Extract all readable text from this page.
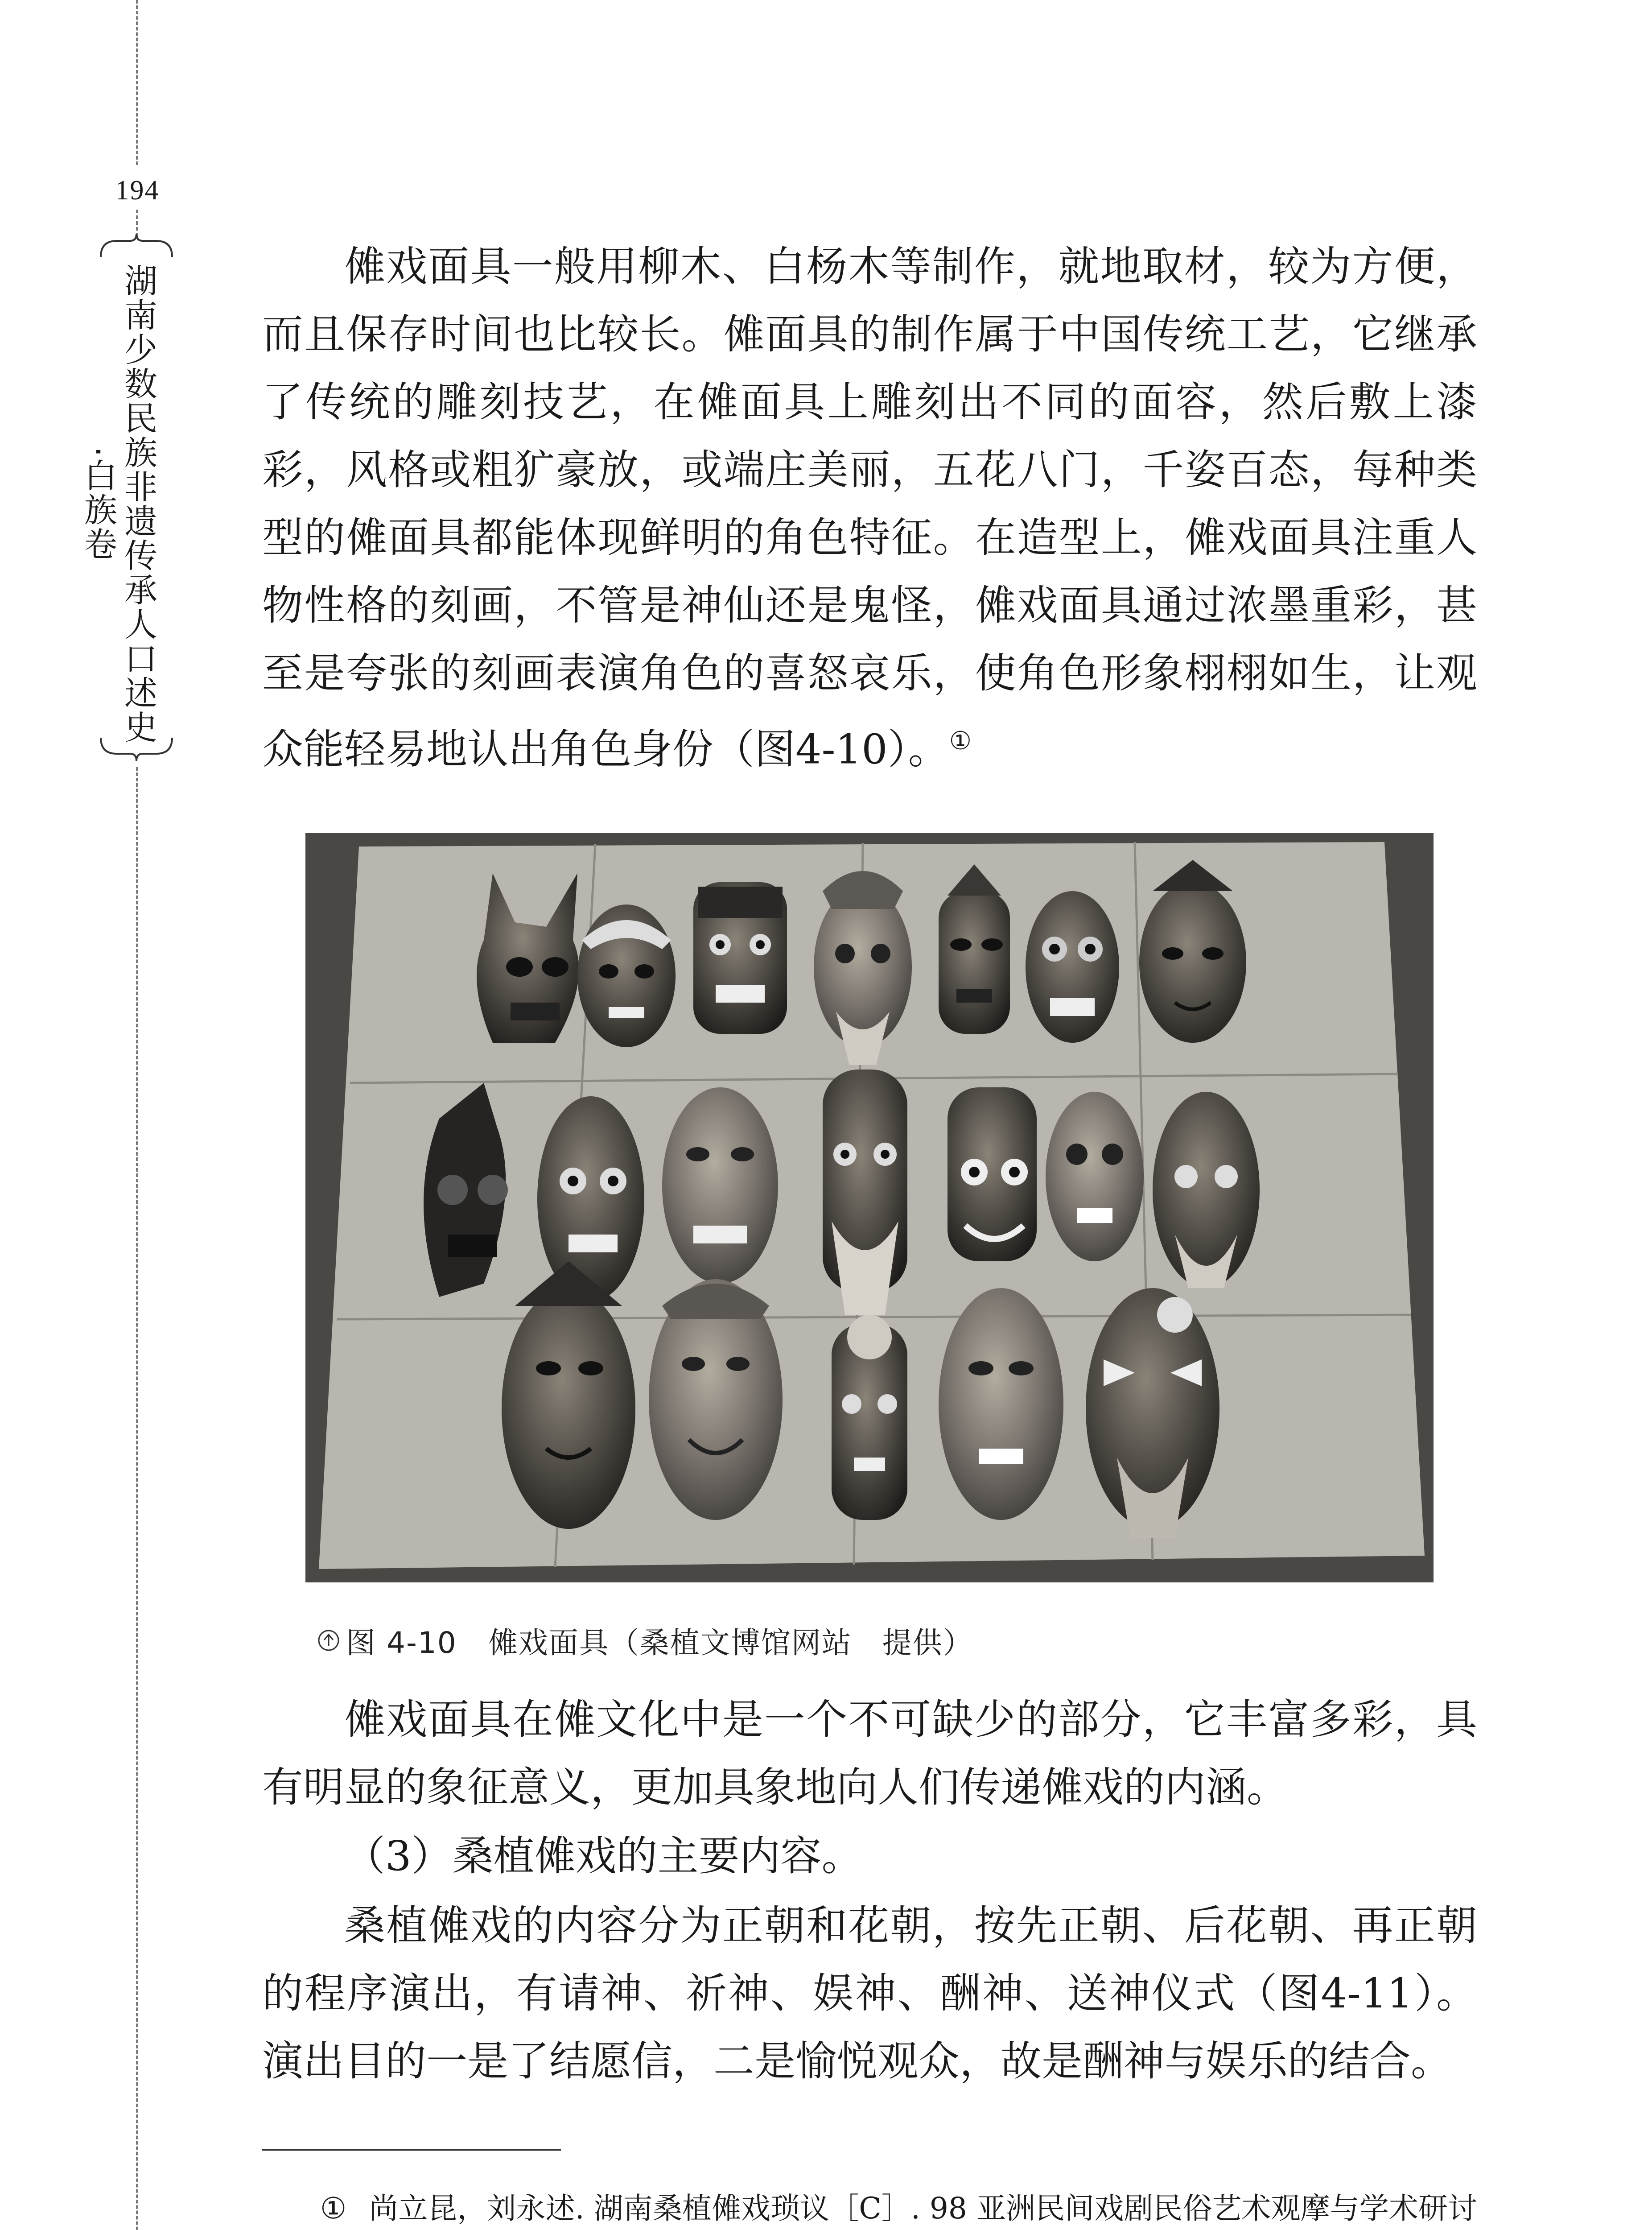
194
湖南少数民族非遗传承人口述史·白族卷

傩戏面具一般用柳木、白杨木等制作，就地取材，较为方便，而且保存时间也比较长。傩面具的制作属于中国传统工艺，它继承了传统的雕刻技艺，在傩面具上雕刻出不同的面容，然后敷上漆彩，风格或粗犷豪放，或端庄美丽，五花八门，千姿百态，每种类型的傩面具都能体现鲜明的角色特征。在造型上，傩戏面具注重人物性格的刻画，不管是神仙还是鬼怪，傩戏面具通过浓墨重彩，甚至是夸张的刻画表演角色的喜怒哀乐，使角色形象栩栩如生，让观众能轻易地认出角色身份（图4-10）。①

图 4-10 傩戏面具（桑植文博馆网站　提供）

傩戏面具在傩文化中是一个不可缺少的部分，它丰富多彩，具有明显的象征意义，更加具象地向人们传递傩戏的内涵。

（3）桑植傩戏的主要内容。

桑植傩戏的内容分为正朝和花朝，按先正朝、后花朝、再正朝的程序演出，有请神、祈神、娱神、酬神、送神仪式（图4-11）。演出目的一是了结愿信，二是愉悦观众，故是酬神与娱乐的结合。

① 尚立昆，刘永述. 湖南桑植傩戏琐议［C］. 98 亚洲民间戏剧民俗艺术观摩与学术研讨
